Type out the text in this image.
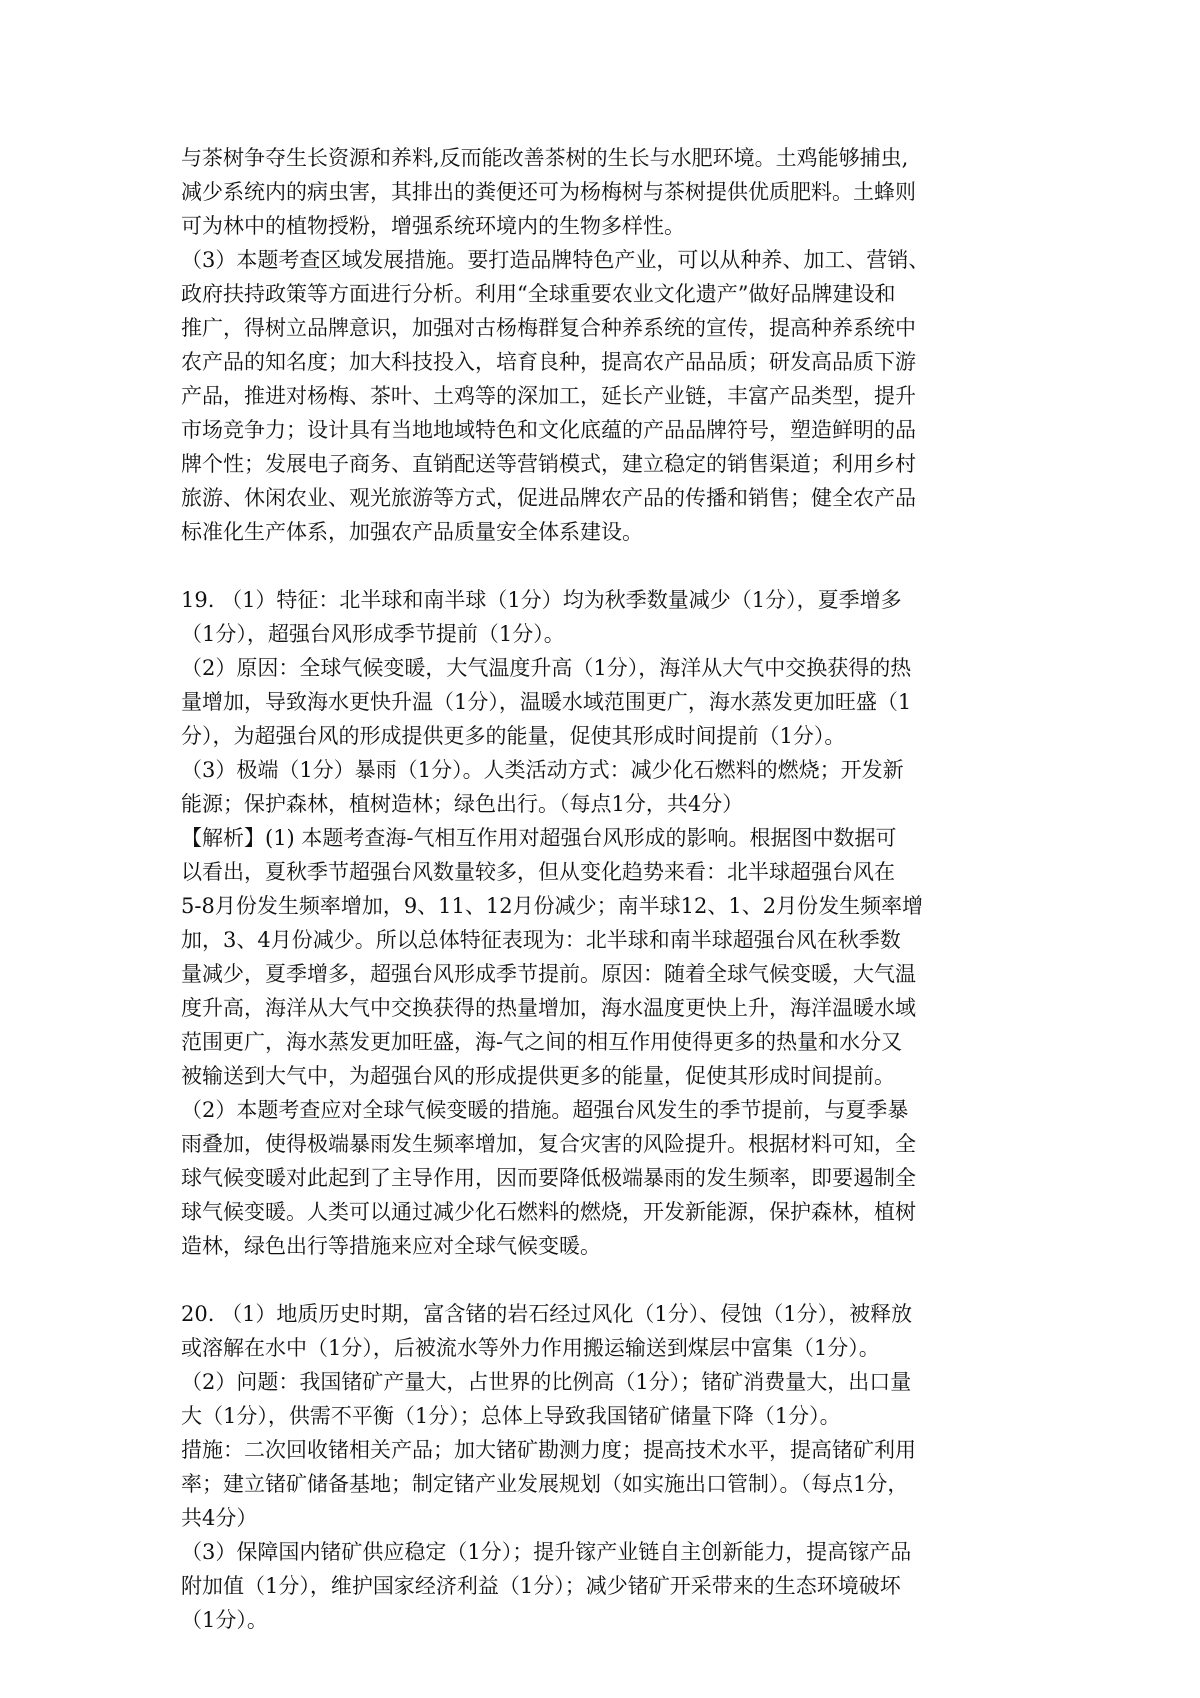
与茶树争夺生长资源和养料,反而能改善茶树的生长与水肥环境。土鸡能够捕虫,

减少系统内的病虫害，其排出的粪便还可为杨梅树与茶树提供优质肥料。土蜂则

可为林中的植物授粉，增强系统环境内的生物多样性。

（3）本题考查区域发展措施。要打造品牌特色产业，可以从种养、加工、营销、

政府扶持政策等方面进行分析。利用“全球重要农业文化遗产”做好品牌建设和

推广，得树立品牌意识，加强对古杨梅群复合种养系统的宣传，提高种养系统中

农产品的知名度；加大科技投入，培育良种，提高农产品品质；研发高品质下游

产品，推进对杨梅、茶叶、土鸡等的深加工，延长产业链，丰富产品类型，提升

市场竞争力；设计具有当地地域特色和文化底蕴的产品品牌符号，塑造鲜明的品

牌个性；发展电子商务、直销配送等营销模式，建立稳定的销售渠道；利用乡村

旅游、休闲农业、观光旅游等方式，促进品牌农产品的传播和销售；健全农产品

标准化生产体系，加强农产品质量安全体系建设。

19. （1）特征：北半球和南半球（1分）均为秋季数量减少（1分），夏季增多

（1分），超强台风形成季节提前（1分）。

（2）原因：全球气候变暖，大气温度升高（1分），海洋从大气中交换获得的热

量增加，导致海水更快升温（1分），温暖水域范围更广，海水蒸发更加旺盛（1

分），为超强台风的形成提供更多的能量，促使其形成时间提前（1分）。

（3）极端（1分）暴雨（1分）。人类活动方式：减少化石燃料的燃烧；开发新

能源；保护森林，植树造林；绿色出行。（每点1分，共4分）

【解析】(1) 本题考查海-气相互作用对超强台风形成的影响。根据图中数据可

以看出，夏秋季节超强台风数量较多，但从变化趋势来看：北半球超强台风在

5-8月份发生频率增加，9、11、12月份减少；南半球12、1、2月份发生频率增

加，3、4月份减少。所以总体特征表现为：北半球和南半球超强台风在秋季数

量减少，夏季增多，超强台风形成季节提前。原因：随着全球气候变暖，大气温

度升高，海洋从大气中交换获得的热量增加，海水温度更快上升，海洋温暖水域

范围更广，海水蒸发更加旺盛，海-气之间的相互作用使得更多的热量和水分又

被输送到大气中，为超强台风的形成提供更多的能量，促使其形成时间提前。

（2）本题考查应对全球气候变暖的措施。超强台风发生的季节提前，与夏季暴

雨叠加，使得极端暴雨发生频率增加，复合灾害的风险提升。根据材料可知，全

球气候变暖对此起到了主导作用，因而要降低极端暴雨的发生频率，即要遏制全

球气候变暖。人类可以通过减少化石燃料的燃烧，开发新能源，保护森林，植树

造林，绿色出行等措施来应对全球气候变暖。

20. （1）地质历史时期，富含锗的岩石经过风化（1分）、侵蚀（1分），被释放

或溶解在水中（1分），后被流水等外力作用搬运输送到煤层中富集（1分）。

（2）问题：我国锗矿产量大，占世界的比例高（1分）；锗矿消费量大，出口量

大（1分），供需不平衡（1分）；总体上导致我国锗矿储量下降（1分）。

措施：二次回收锗相关产品；加大锗矿勘测力度；提高技术水平，提高锗矿利用

率；建立锗矿储备基地；制定锗产业发展规划（如实施出口管制）。（每点1分，

共4分）

（3）保障国内锗矿供应稳定（1分）；提升镓产业链自主创新能力，提高镓产品

附加值（1分），维护国家经济利益（1分）；减少锗矿开采带来的生态环境破坏

（1分）。
